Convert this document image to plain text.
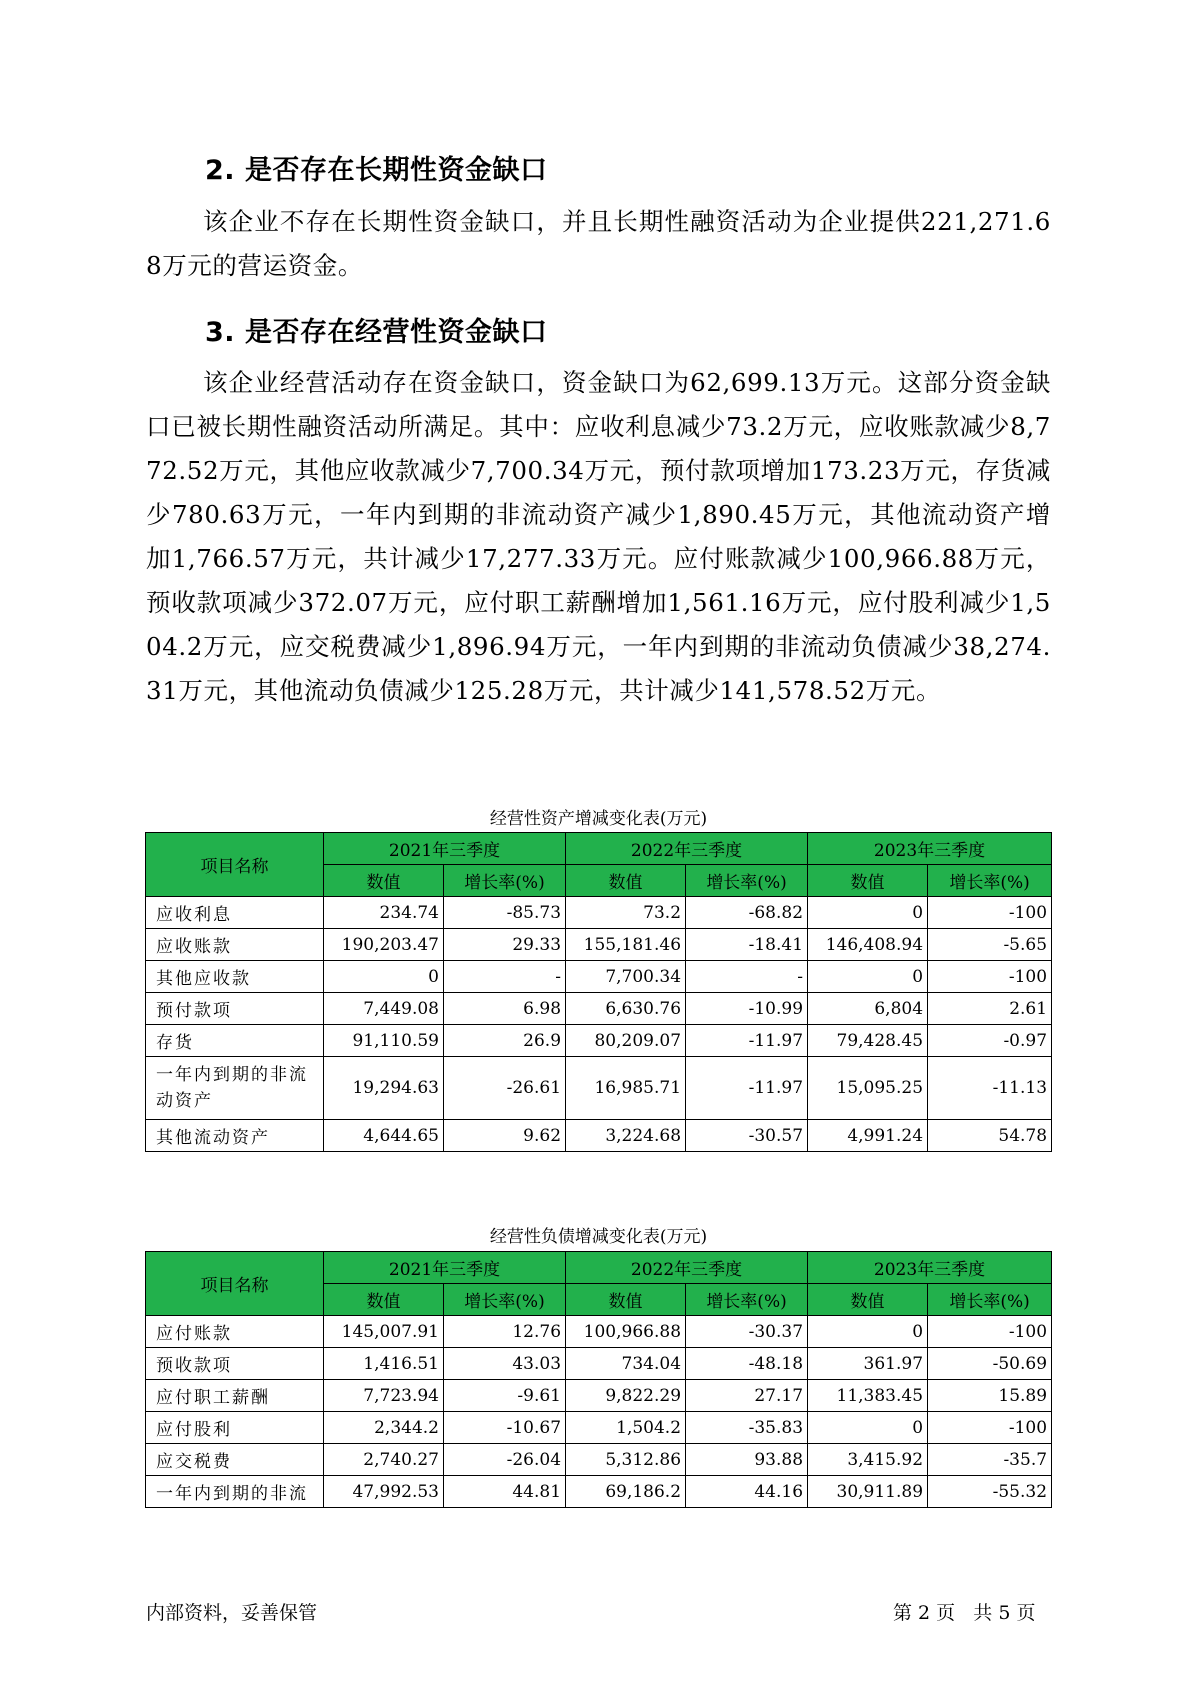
2. 是否存在长期性资金缺口

该企业不存在长期性资金缺口，并且长期性融资活动为企业提供221,271.68万元的营运资金。

3. 是否存在经营性资金缺口

该企业经营活动存在资金缺口，资金缺口为62,699.13万元。这部分资金缺口已被长期性融资活动所满足。其中：应收利息减少73.2万元，应收账款减少8,772.52万元，其他应收款减少7,700.34万元，预付款项增加173.23万元，存货减少780.63万元，一年内到期的非流动资产减少1,890.45万元，其他流动资产增加1,766.57万元，共计减少17,277.33万元。应付账款减少100,966.88万元，预收款项减少372.07万元，应付职工薪酬增加1,561.16万元，应付股利减少1,504.2万元，应交税费减少1,896.94万元，一年内到期的非流动负债减少38,274.31万元，其他流动负债减少125.28万元，共计减少141,578.52万元。

经营性资产增减变化表(万元)

项目名称	2021年三季度		2022年三季度		2023年三季度	
	数值	增长率(%)	数值	增长率(%)	数值	增长率(%)
应收利息	234.74	-85.73	73.2	-68.82	0	-100
应收账款	190,203.47	29.33	155,181.46	-18.41	146,408.94	-5.65
其他应收款	0	-	7,700.34	-	0	-100
预付款项	7,449.08	6.98	6,630.76	-10.99	6,804	2.61
存货	91,110.59	26.9	80,209.07	-11.97	79,428.45	-0.97
一年内到期的非流动资产	19,294.63	-26.61	16,985.71	-11.97	15,095.25	-11.13
其他流动资产	4,644.65	9.62	3,224.68	-30.57	4,991.24	54.78

经营性负债增减变化表(万元)

项目名称	2021年三季度		2022年三季度		2023年三季度	
	数值	增长率(%)	数值	增长率(%)	数值	增长率(%)
应付账款	145,007.91	12.76	100,966.88	-30.37	0	-100
预收款项	1,416.51	43.03	734.04	-48.18	361.97	-50.69
应付职工薪酬	7,723.94	-9.61	9,822.29	27.17	11,383.45	15.89
应付股利	2,344.2	-10.67	1,504.2	-35.83	0	-100
应交税费	2,740.27	-26.04	5,312.86	93.88	3,415.92	-35.7
一年内到期的非流	47,992.53	44.81	69,186.2	44.16	30,911.89	-55.32

内部资料，妥善保管	第 2 页   共 5 页
